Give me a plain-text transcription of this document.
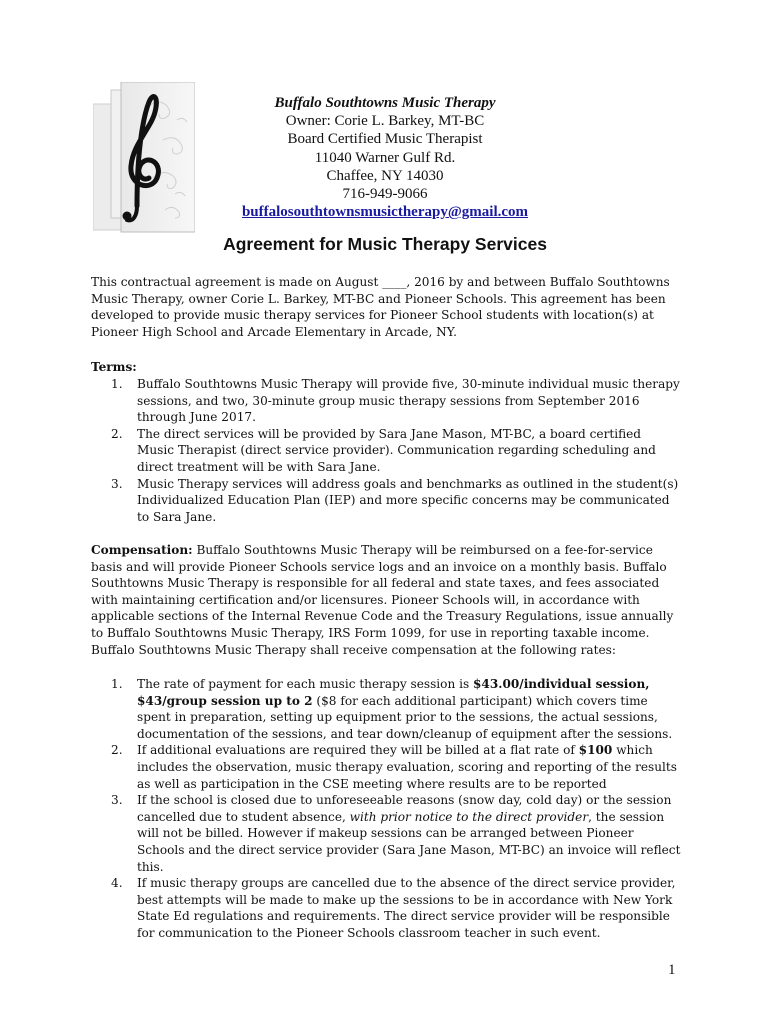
Buffalo Southtowns Music Therapy
Owner: Corie L. Barkey, MT-BC
Board Certified Music Therapist
11040 Warner Gulf Rd.
Chaffee, NY 14030
716-949-9066
buffalosouthtownsmusictherapy@gmail.com
Agreement for Music Therapy Services
This contractual agreement is made on August ____, 2016 by and between Buffalo Southtowns Music Therapy, owner Corie L. Barkey, MT-BC and Pioneer Schools. This agreement has been developed to provide music therapy services for Pioneer School students with location(s) at Pioneer High School and Arcade Elementary in Arcade, NY.
Terms:
1. Buffalo Southtowns Music Therapy will provide five, 30-minute individual music therapy sessions, and two, 30-minute group music therapy sessions from September 2016 through June 2017.
2. The direct services will be provided by Sara Jane Mason, MT-BC, a board certified Music Therapist (direct service provider). Communication regarding scheduling and direct treatment will be with Sara Jane.
3. Music Therapy services will address goals and benchmarks as outlined in the student(s) Individualized Education Plan (IEP) and more specific concerns may be communicated to Sara Jane.
Compensation: Buffalo Southtowns Music Therapy will be reimbursed on a fee-for-service basis and will provide Pioneer Schools service logs and an invoice on a monthly basis. Buffalo Southtowns Music Therapy is responsible for all federal and state taxes, and fees associated with maintaining certification and/or licensures. Pioneer Schools will, in accordance with applicable sections of the Internal Revenue Code and the Treasury Regulations, issue annually to Buffalo Southtowns Music Therapy, IRS Form 1099, for use in reporting taxable income. Buffalo Southtowns Music Therapy shall receive compensation at the following rates:
1. The rate of payment for each music therapy session is $43.00/individual session, $43/group session up to 2 ($8 for each additional participant) which covers time spent in preparation, setting up equipment prior to the sessions, the actual sessions, documentation of the sessions, and tear down/cleanup of equipment after the sessions.
2. If additional evaluations are required they will be billed at a flat rate of $100 which includes the observation, music therapy evaluation, scoring and reporting of the results as well as participation in the CSE meeting where results are to be reported
3. If the school is closed due to unforeseeable reasons (snow day, cold day) or the session cancelled due to student absence, with prior notice to the direct provider, the session will not be billed. However if makeup sessions can be arranged between Pioneer Schools and the direct service provider (Sara Jane Mason, MT-BC) an invoice will reflect this.
4. If music therapy groups are cancelled due to the absence of the direct service provider, best attempts will be made to make up the sessions to be in accordance with New York State Ed regulations and requirements. The direct service provider will be responsible for communication to the Pioneer Schools classroom teacher in such event.
1
